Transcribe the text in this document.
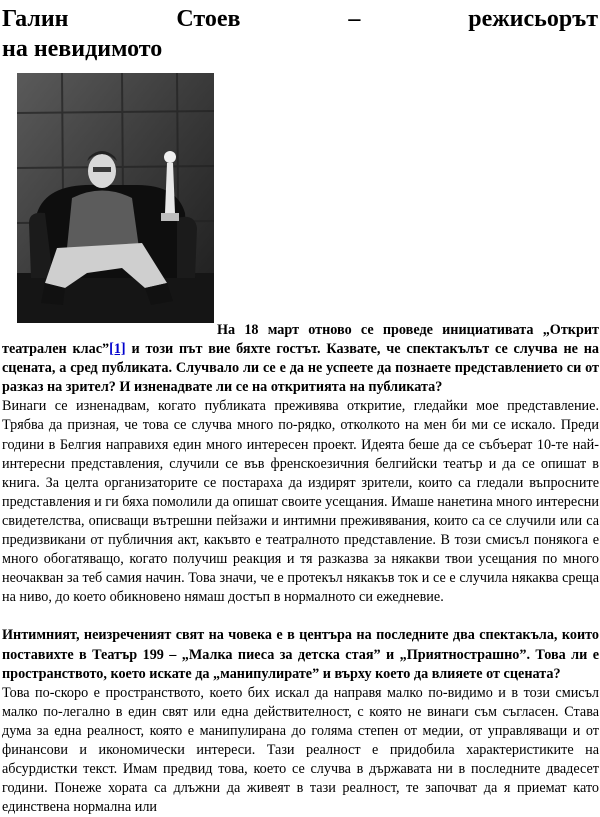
Галин	Стоев	–	режисьорът
на невидимото

На 18 март отново се проведе инициативата „Открит театрален клас”[1] и този път вие бяхте гостът. Казвате, че спектакълът се случва не на сцената, а сред публиката. Случвало ли се е да не успеете да познаете представлението си от разказ на зрител? И изненадвате ли се на откритията на публиката?

Винаги се изненадвам, когато публиката преживява откритие, гледайки мое представление. Трябва да призная, че това се случва много по-рядко, отколкото на мен би ми се искало. Преди години в Белгия направихя един много интересен проект. Идеята беше да се събъерат 10-те най-интересни представления, случили се във френскоезичния белгийски театър и да се опишат в книга. За целта организаторите се постараха да издирят зрители, които са гледали въпросните представления и ги бяха помолили да опишат своите усещания. Имаше нанетина много интересни свидетелства, описващи вътрешни пейзажи и интимни преживявания, които са се случили или са предизвикани от публичния акт, какъвто е театралното представление. В този смисъл понякога е много обогатяващо, когато получиш реакция и тя разказва за някакви твои усещания по много неочакван за теб самия начин. Това значи, че е протекъл някакъв ток и се е случила някаква среща на ниво, до което обикновено нямаш достъп в нормалното си ежедневие.

Интимният, неизреченият свят на човека е в центъра на последните два спектакъла, които поставихте в Театър 199 – „Малка пиеса за детска стая” и „Приятнострашно”. Това ли е пространството, което искате да „манипулирате” и върху което да влияете от сцената?

Това по-скоро е пространството, което бих искал да направя малко по-видимо и в този смисъл малко по-легално в един свят или една действителност, с която не винаги съм съгласен. Става дума за една реалност, която е манипулирана до голяма степен от медии, от управляващи и от финансови и икономически интереси. Тази реалност е придобила характеристиките на абсурдистки текст. Имам предвид това, което се случва в държавата ни в последните двадесет години. Понеже хората са длъжни да живеят в тази реалност, те започват да я приемат като единствена нормална или
